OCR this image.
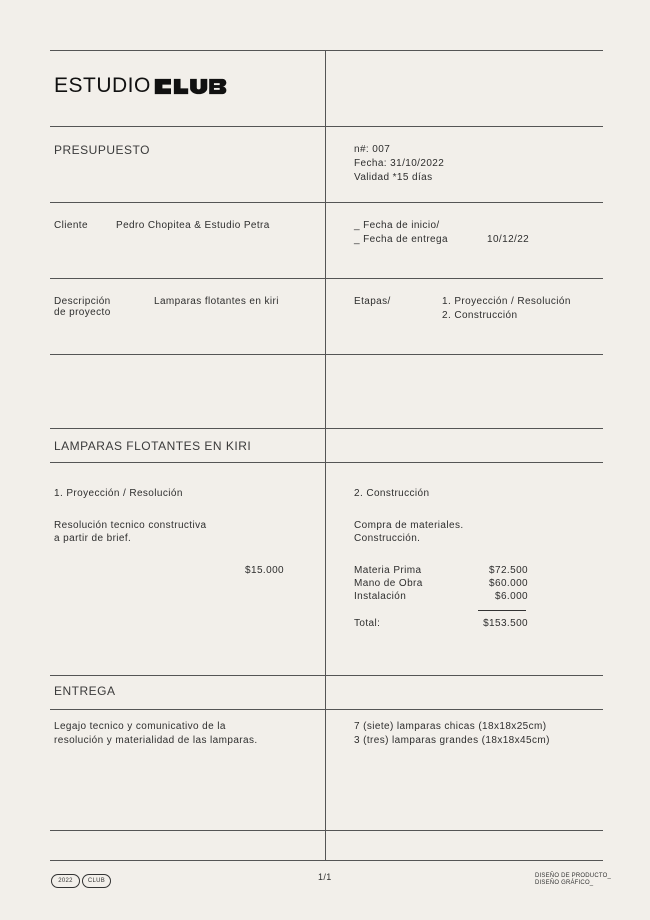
ESTUDIO
PRESUPUESTO	n#: 007
Fecha: 31/10/2022
Validad *15 días
Cliente	Pedro Chopitea & Estudio Petra	_ Fecha de inicio/
_ Fecha de entrega	10/12/22
Descripción
de proyecto
Lamparas flotantes en kiri	Etapas/	1. Proyección / Resolución
2. Construcción
LAMPARAS FLOTANTES EN KIRI
1. Proyección / Resolución
Resolución tecnico constructiva
a partir de brief.
$15.000
2. Construcción
Compra de materiales.
Construcción.
Materia Prima	$72.500
Mano de Obra	$60.000
Instalación	$6.000
Total:	$153.500
ENTREGA
Legajo tecnico y comunicativo de la
resolución y materialidad de las lamparas.
7 (siete) lamparas chicas (18x18x25cm)
3 (tres) lamparas grandes (18x18x45cm)
2022	CLUB	1/1	DISEÑO DE PRODUCTO_
DISEÑO GRÁFICO_
